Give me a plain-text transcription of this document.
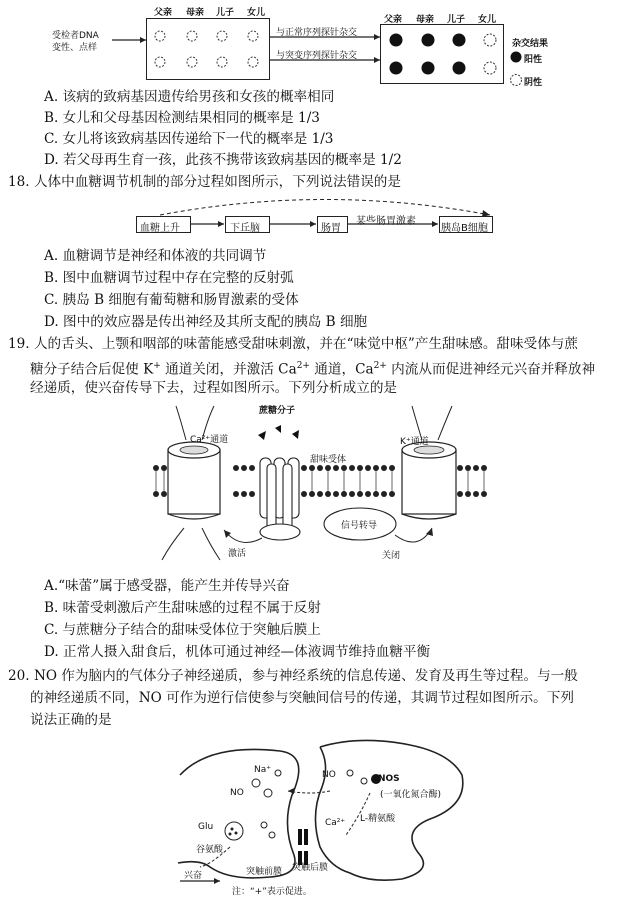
受检者DNA
变性、点样
父亲 母亲 儿子 女儿
与正常序列探针杂交
与突变序列探针杂交
父亲 母亲 儿子 女儿
杂交结果
阳性
阴性
A. 该病的致病基因遗传给男孩和女孩的概率相同
B. 女儿和父母基因检测结果相同的概率是 1/3
C. 女儿将该致病基因传递给下一代的概率是 1/3
D. 若父母再生育一孩，此孩不携带该致病基因的概率是 1/2
18. 人体中血糖调节机制的部分过程如图所示，下列说法错误的是
血糖上升	下丘脑	肠胃	胰岛B细胞
某些肠胃激素
A. 血糖调节是神经和体液的共同调节
B. 图中血糖调节过程中存在完整的反射弧
C. 胰岛 B 细胞有葡萄糖和肠胃激素的受体
D. 图中的效应器是传出神经及其所支配的胰岛 B 细胞
19. 人的舌头、上颚和咽部的味蕾能感受甜味刺激，并在“味觉中枢”产生甜味感。甜味受体与蔗
糖分子结合后促使 K+ 通道关闭，并激活 $Ca^{2+}$ 通道，$Ca^{2+}$ 内流从而促进神经元兴奋并释放神
经递质，使兴奋传导下去，过程如图所示。下列分析成立的是
蔗糖分子
Ca²⁺通道
甜味受体
K⁺通道
信号转导
激活	关闭
A.“味蕾”属于感受器，能产生并传导兴奋
B. 味蕾受刺激后产生甜味感的过程不属于反射
C. 与蔗糖分子结合的甜味受体位于突触后膜上
D. 正常人摄入甜食后，机体可通过神经—体液调节维持血糖平衡
20. NO 作为脑内的气体分子神经递质，参与神经系统的信息传递、发育及再生等过程。与一般
的神经递质不同，NO 可作为逆行信使参与突触间信号的传递，其调节过程如图所示。下列
说法正确的是
Na⁺
NO
NO	NOS
(一氧化氮合酶)
Glu
谷氨酸
Ca²⁺ L-精氨酸
突触前膜 突触后膜
兴奋
注：“+”表示促进。
